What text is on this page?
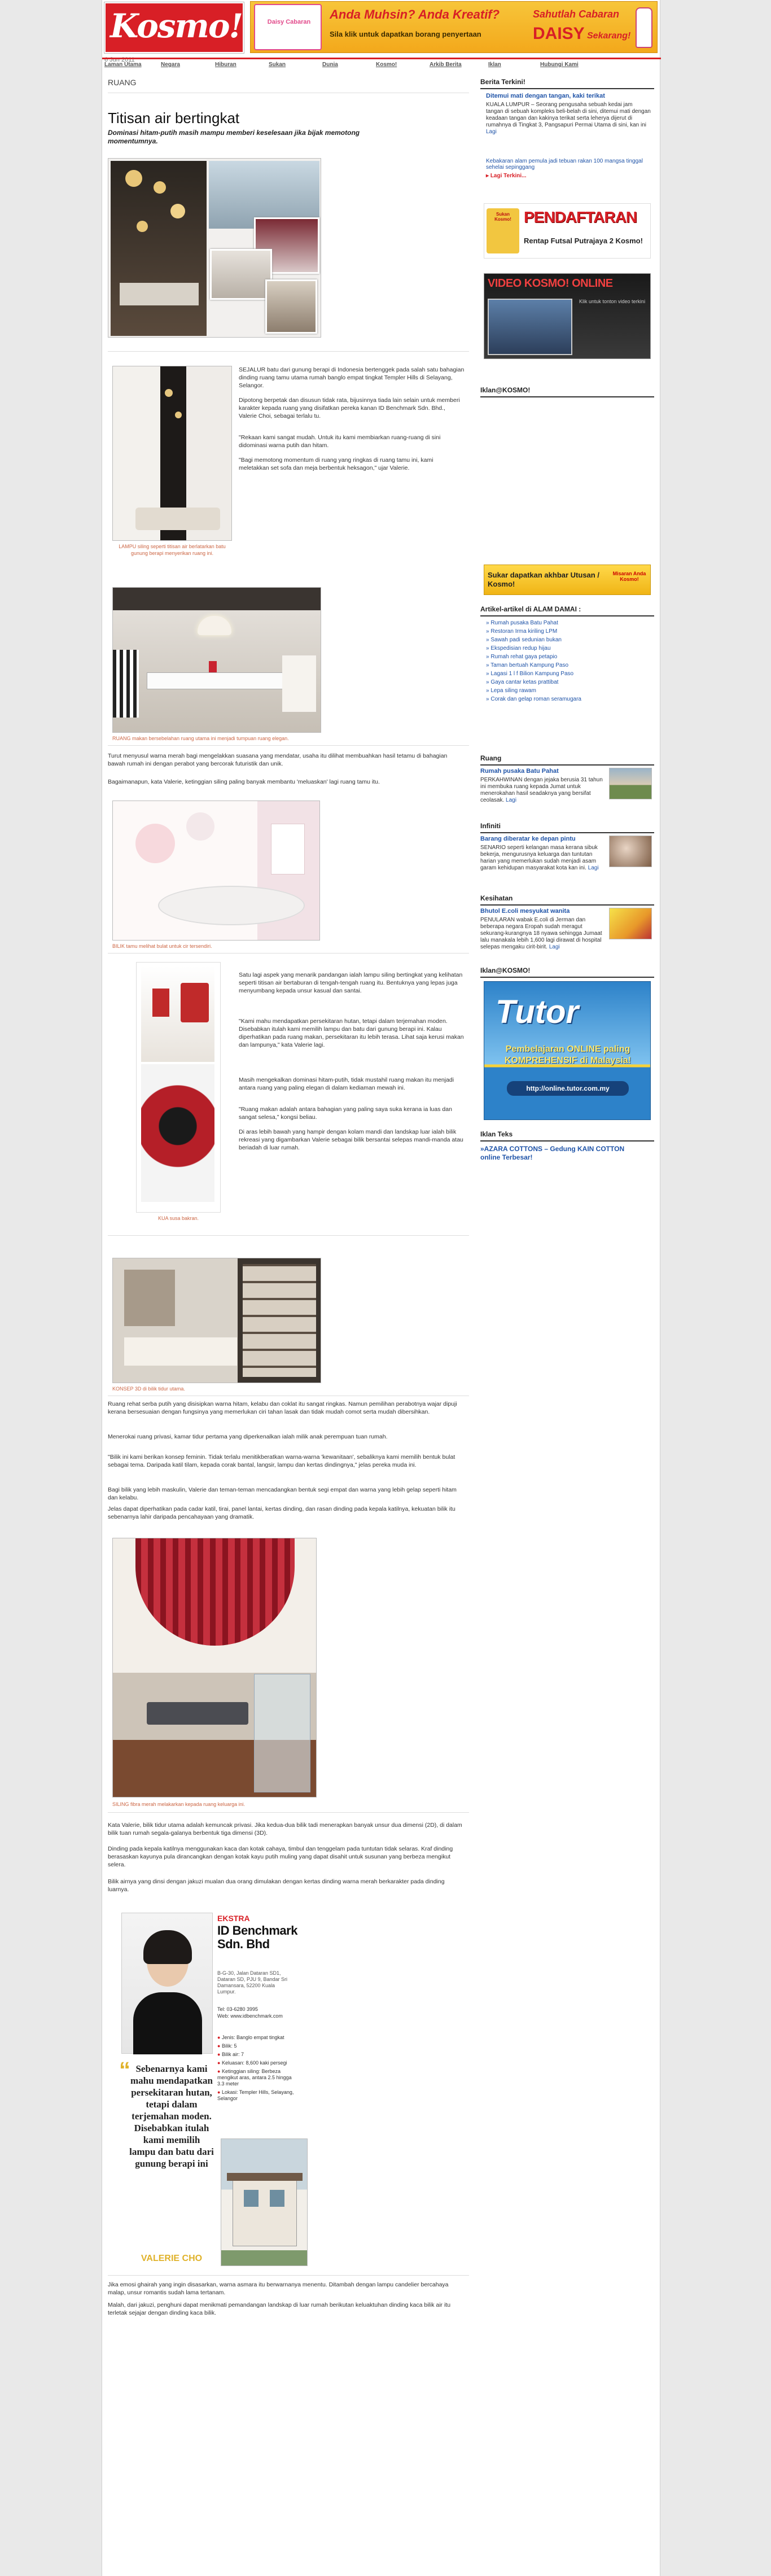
Kosmo!
6 Jun 2011
Daisy Cabaran
Anda Muhsin? Anda Kreatif?
Sila klik untuk dapatkan borang penyertaan
Sahutlah Cabaran
DAISY Sekarang!
Laman Utama	Negara	Hiburan	Sukan	Dunia	Kosmo!	Arkib Berita	Iklan	Hubungi Kami
RUANG
Titisan air bertingkat
Dominasi hitam-putih masih mampu memberi keselesaan jika bijak memotong momentumnya.
LAMPU siling seperti titisan air berlatarkan batu gunung berapi menyerikan ruang ini.
SEJALUR batu dari gunung berapi di Indonesia bertenggek pada salah satu bahagian dinding ruang tamu utama rumah banglo empat tingkat Templer Hills di Selayang, Selangor.
Dipotong berpetak dan disusun tidak rata, bijusinnya tiada lain selain untuk memberi karakter kepada ruang yang disifatkan pereka kanan ID Benchmark Sdn. Bhd., Valerie Choi, sebagai terlalu tu.
"Rekaan kami sangat mudah. Untuk itu kami membiarkan ruang-ruang di sini didominasi warna putih dan hitam.
"Bagi memotong momentum di ruang yang ringkas di ruang tamu ini, kami meletakkan set sofa dan meja berbentuk heksagon," ujar Valerie.
RUANG makan bersebelahan ruang utama ini menjadi tumpuan ruang elegan.
Turut menyusul warna merah bagi mengelakkan suasana yang mendatar, usaha itu dilihat membuahkan hasil tetamu di bahagian bawah rumah ini dengan perabot yang bercorak futuristik dan unik.
Bagaimanapun, kata Valerie, ketinggian siling paling banyak membantu 'meluaskan' lagi ruang tamu itu.
BILIK tamu melihat bulat untuk cir tersendiri.
KUA susa bakran.
Satu lagi aspek yang menarik pandangan ialah lampu siling bertingkat yang kelihatan seperti titisan air bertaburan di tengah-tengah ruang itu. Bentuknya yang lepas juga menyumbang kepada unsur kasual dan santai.
"Kami mahu mendapatkan persekitaran hutan, tetapi dalam terjemahan moden. Disebabkan itulah kami memilih lampu dan batu dari gunung berapi ini. Kalau diperhatikan pada ruang makan, persekitaran itu lebih terasa. Lihat saja kerusi makan dan lampunya," kata Valerie lagi.
Masih mengekalkan dominasi hitam-putih, tidak mustahil ruang makan itu menjadi antara ruang yang paling elegan di dalam kediaman mewah ini.
"Ruang makan adalah antara bahagian yang paling saya suka kerana ia luas dan sangat selesa," kongsi beliau.
Di aras lebih bawah yang hampir dengan kolam mandi dan landskap luar ialah bilik rekreasi yang digambarkan Valerie sebagai bilik bersantai selepas mandi-manda atau beriadah di luar rumah.
KONSEP 3D di bilik tidur utama.
Ruang rehat serba putih yang disisipkan warna hitam, kelabu dan coklat itu sangat ringkas. Namun pemilihan perabotnya wajar dipuji kerana bersesuaian dengan fungsinya yang memerlukan ciri tahan lasak dan tidak mudah comot serta mudah dibersihkan.
Menerokai ruang privasi, kamar tidur pertama yang diperkenalkan ialah milik anak perempuan tuan rumah.
"Bilik ini kami berikan konsep feminin. Tidak terlalu menitikberatkan warna-warna 'kewanitaan', sebaliknya kami memilih bentuk bulat sebagai tema. Daripada katil tilam, kepada corak bantal, langsir, lampu dan kertas dindingnya," jelas pereka muda ini.
Bagi bilik yang lebih maskulin, Valerie dan teman-teman mencadangkan bentuk segi empat dan warna yang lebih gelap seperti hitam dan kelabu.
Jelas dapat diperhatikan pada cadar katil, tirai, panel lantai, kertas dinding, dan rasan dinding pada kepala katilnya, kekuatan bilik itu sebenarnya lahir daripada pencahayaan yang dramatik.
SILING fibra merah melakarkan kepada ruang keluarga ini.
Kata Valerie, bilik tidur utama adalah kemuncak privasi. Jika kedua-dua bilik tadi menerapkan banyak unsur dua dimensi (2D), di dalam bilik tuan rumah segala-galanya berbentuk tiga dimensi (3D).
Dinding pada kepala katilnya menggunakan kaca dan kotak cahaya, timbul dan tenggelam pada tuntutan tidak selaras. Kraf dinding berasaskan kayunya pula dirancangkan dengan kotak kayu putih muling yang dapat disahit untuk susunan yang berbeza mengikut selera.
Bilik airnya yang dinsi dengan jakuzi mualan dua orang dimulakan dengan kertas dinding warna merah berkarakter pada dinding luarnya.
EKSTRA
ID Benchmark Sdn. Bhd
B-G-30, Jalan Dataran SD1, Dataran SD, PJU 9, Bandar Sri Damansara, 52200 Kuala Lumpur.
Tel: 03-6280 3995
Web: www.idbenchmark.com
● Jenis: Banglo empat tingkat
● Bilik: 5
● Bilik air: 7
● Keluasan: 8,600 kaki persegi
● Ketinggian siling: Berbeza mengikut aras, antara 2.5 hingga 3.3 meter
● Lokasi: Templer Hills, Selayang, Selangor
“ Sebenarnya kami mahu mendapatkan persekitaran hutan, tetapi dalam terjemahan moden. Disebabkan itulah kami memilih lampu dan batu dari gunung berapi ini
VALERIE CHO
Jika emosi ghairah yang ingin disasarkan, warna asmara itu berwarnanya menentu. Ditambah dengan lampu candelier bercahaya malap, unsur romantis sudah lama tertanam.
Malah, dari jakuzi, penghuni dapat menikmati pemandangan landskap di luar rumah berikutan keluaktuhan dinding kaca bilik air itu terletak sejajar dengan dinding kaca bilik.
Berita Terkini!
Ditemui mati dengan tangan, kaki terikat
KUALA LUMPUR – Seorang pengusaha sebuah kedai jam tangan di sebuah kompleks beli-belah di sini, ditemui mati dengan keadaan tangan dan kakinya terikat serta leherya dijerut di rumahnya di Tingkat 3, Pangsapuri Permai Utama di sini, kan ini Lagi
Kebakaran alam pemula jadi tebuan rakan 100 mangsa tinggal sehelai sepinggang
▸ Lagi Terkini...
Sukan Kosmo! PENDAFTARAN
Rentap Futsal Putrajaya 2 Kosmo!
VIDEO KOSMO! ONLINE
Klik untuk tonton video terkini
Iklan@KOSMO!
Sukar dapatkan akhbar Utusan / Kosmo!
Misaran Anda Kosmo!
Artikel-artikel di ALAM DAMAI :
» Rumah pusaka Batu Pahat
» Restoran Irma kiriling LPM
» Sawah padi sedunian bukan
» Ekspedisian redup hijau
» Rumah rehat gaya petapio
» Taman bertuah Kampung Paso
» Lagasi 1 l f Bilion Kampung Paso
» Gaya cantar ketas prattibat
» Lepa siling rawam
» Corak dan gelap roman seramugara
Ruang
Rumah pusaka Batu Pahat
PERKAHWINAN dengan jejaka berusia 31 tahun ini membuka ruang kepada Jumat untuk menerokahan hasil seadaknya yang bersifat ceolasak. Lagi
Infiniti
Barang diberatar ke depan pintu
SENARIO seperti kelangan masa kerana sibuk bekerja, mengurusnya keluarga dan tuntutan harian yang memerlukan sudah menjadi asam garam kehidupan masyarakat kota kan ini. Lagi
Kesihatan
Bhutol E.coli mesyukat wanita
PENULARAN wabak E.coli di Jerman dan beberapa negara Eropah sudah meragut sekurang-kurangnya 18 nyawa sehingga Jumaat lalu manakala lebih 1,600 lagi dirawat di hospital selepas mengaku cirit-birit. Lagi
Iklan@KOSMO!
Tutor
Pembelajaran ONLINE paling KOMPREHENSIF di Malaysia!
http://online.tutor.com.my
Iklan Teks
»AZARA COTTONS – Gedung KAIN COTTON online Terbesar!
